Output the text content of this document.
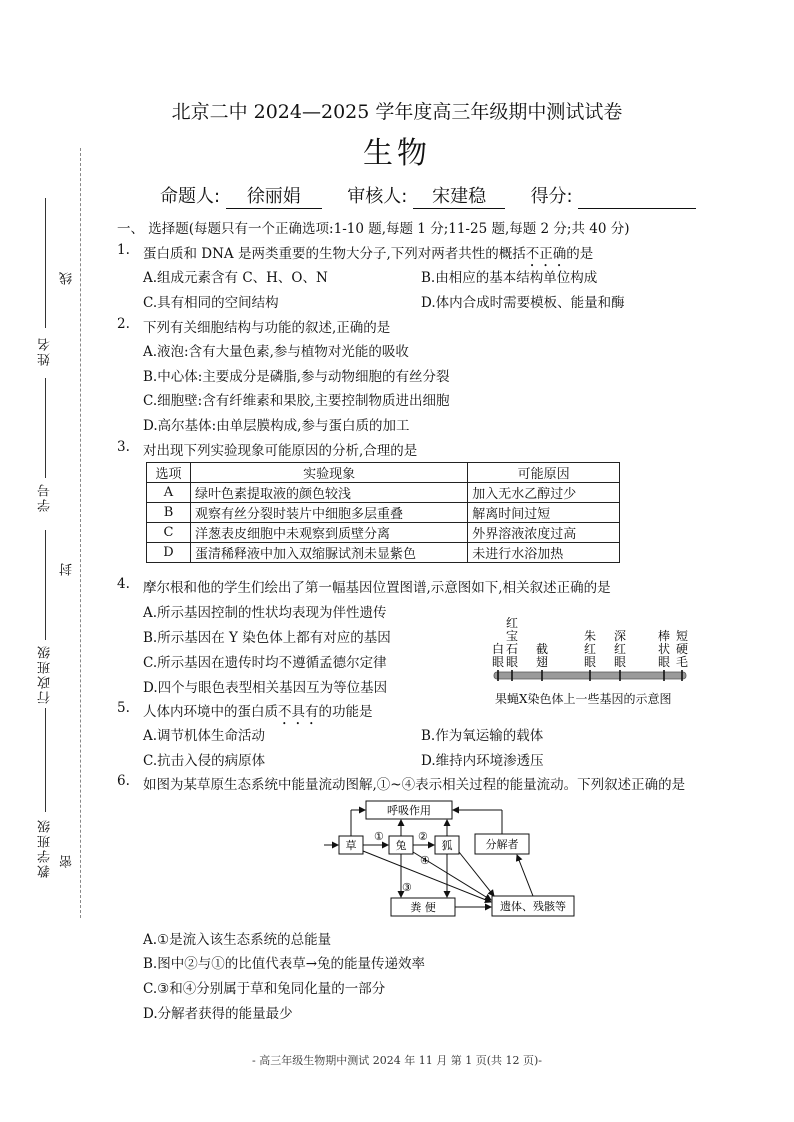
线
封
密
姓名
学号
行政班级
教学班级
北京二中 2024—2025 学年度高三年级期中测试试卷
生物
命题人: 徐丽娟	审核人: 宋建稳 得分:
一、 选择题(每题只有一个正确选项:1-10 题,每题 1 分;11-25 题,每题 2 分;共 40 分)
1. 蛋白质和 DNA 是两类重要的生物大分子,下列对两者共性的概括不正确的是
A.组成元素含有 C、H、O、N	B.由相应的基本结构单位构成
C.具有相同的空间结构	D.体内合成时需要模板、能量和酶
2. 下列有关细胞结构与功能的叙述,正确的是
A.液泡:含有大量色素,参与植物对光能的吸收
B.中心体:主要成分是磷脂,参与动物细胞的有丝分裂
C.细胞壁:含有纤维素和果胶,主要控制物质进出细胞
D.高尔基体:由单层膜构成,参与蛋白质的加工
3. 对出现下列实验现象可能原因的分析,合理的是
选项	实验现象	可能原因
A	绿叶色素提取液的颜色较浅	加入无水乙醇过少
B	观察有丝分裂时装片中细胞多层重叠	解离时间过短
C	洋葱表皮细胞中未观察到质壁分离	外界溶液浓度过高
D	蛋清稀释液中加入双缩脲试剂未显紫色	未进行水浴加热
4. 摩尔根和他的学生们绘出了第一幅基因位置图谱,示意图如下,相关叙述正确的是
A.所示基因控制的性状均表现为伴性遗传
B.所示基因在 Y 染色体上都有对应的基因
C.所示基因在遗传时均不遵循孟德尔定律
D.四个与眼色表型相关基因互为等位基因
白
眼
红
宝
石
眼
截
翅
朱
红
眼
深
红
眼
棒
状
眼
短
硬
毛
果蝇X染色体上一些基因的示意图
5. 人体内环境中的蛋白质不具有的功能是
A.调节机体生命活动	B.作为氧运输的载体
C.抗击入侵的病原体	D.维持内环境渗透压
6. 如图为某草原生态系统中能量流动图解,①~④表示相关过程的能量流动。下列叙述正确的是
呼吸作用
草	兔	狐	分解者
粪 便	遗体、残骸等
①	②
③
④
A.①是流入该生态系统的总能量
B.图中②与①的比值代表草→兔的能量传递效率
C.③和④分别属于草和兔同化量的一部分
D.分解者获得的能量最少
- 高三年级生物期中测试 2024 年 11 月 第 1 页(共 12 页)-
